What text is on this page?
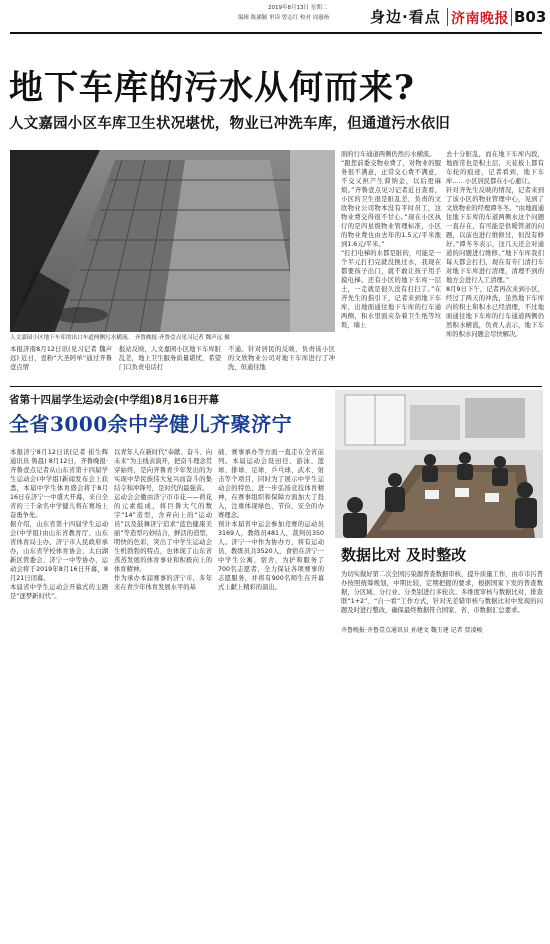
2019年8月13日 星期二
编辑 陈涵颖 审读 曾志红 校对 周惠杨	身边·看点 济南晚报 B03
地下车库的污水从何而来?
人文嘉园小区车库卫生状况堪忧，物业已冲洗车库，但通道污水依旧
人文嘉园小区地下车库的出口车道两侧污水横流。 齐鲁晚报·齐鲁壹点见习记者 魏声远 摄
本报济南8月12日讯(见习记者 魏声远) 近日，壹粉“大圣阿单”通过齐鲁壹点情
报站反映，人文嘉园小区地下车库脏乱差，地上卫生服务质量堪忧，希望门口负责电话打
不通。针对居民的反映，负责该小区的文欣物业公司对地下车库进行了冲洗，但通往地
面的行车通道两侧仍然污水横流。
“跟您前委交物业费了，对物业的服务很不满意，正常交心费不满意，不交又担产生滞纳金，以后更麻烦。”齐鲁壹点见习记者近日查看，小区的卫生很是脏乱差，负责的文欣物业公司物本没有平时员工，这物业费交得很不甘心。”现在小区执行的是四星级物业管理标准，小区的物业费也由去年的1.5元/平米涨到1.6元/平米。”
“打扫电梯的水都是脏的，可能是一个半元打扫完就没换过水，我现在都要孩子出门，就不敢让孩子用手摸电梯。还有小区的地下车库一层土，一走就是很久没有打扫了。”在齐先生的指引下，记者来到地下车库，出地面通往地下车库的行车通两侧，积水里面夹杂着卫生纸等垃圾，墙上
去十分脏乱，而在地下车库内段，地面常也是积土层，天花板上都有车轮的痕迹，记者看到，地下车库……小区居民都在小心避让。
针对齐先生反映的情况，记者来到了该小区的物业管理中心，见到了文欣物业的经理谭冬冬。“由地面通往地下车库的车道两侧水这个问题一直存在，有可能是供暖管道的问题，以前也进行维修过，但没有修好。”谭冬冬表示，这几天还会对通道的问题进行维修。”地下车库我们每天都会打扫，现在有专门清扫车对地下车库进行清理，清理不到的地方会进行人工清理。”
8月9日下午，记者再次来到小区，经过了两天的冲洗，虽然地下车库内的积土和积水已经清理，不过地面通往地下车库的行车通道两侧仍然积水横流，负责人表示，地下车库的积水问题会尽快解决。
省第十四届学生运动会(中学组)8月16日开幕
全省3000余中学健儿齐聚济宁
本报济宁8月12日讯(记者 崔生辉 通讯员 鲁晨) 8月12日，齐鲁晚报·齐鲁壹点记者从山东省第十四届学生运动会(中学组)新闻发布会上获悉，本届中学生体育盛会将于8月16日在济宁一中盛大开幕，来自全省的三千余名中学健儿将在赛场上奋勇争先。
据介绍，山东省第十四届学生运动会(中学组)由山东省教育厅、山东省体育局主办，济宁市人民政府承办，山东省学校体育协会、太白湖新区管委会、济宁一中等协办，运动会将于2019年8月16日开幕，8月21日闭幕。
本届省中学生运动会开幕式的主题是“逐梦新时代”。
以青年人在新时代“奉献、奋斗、向未来”为主线表演开，把奋斗理念贯穿始终，是向齐鲁青少年发出的为实现中华民族伟大复兴而奋斗的集结令和冲锋号，是时代的最强音。
运动会会徽由济宁市市花——荷花的元素组成，将巨鲁大气的数字“14”造型，舍弃向上的“运动员”以及鼓舞济宁追求“蓝色健康美丽”等造型巧妙结合，鲜活的造型，明快的色彩，突出了中学生运动会生机勃勃的特点，也体现了山东省蒸蒸发展的体育事业和积极向上的体育精神。
作为承办本届赛事的济宁市，多年来在青少年体育发展水平的基
础、赛事承办等方面一直走在全省前列。本届运动会设田径、游泳、篮球、排球、足球、乒乓球、武术、射击等个项目，同时为了展示中学生运动会的特色，进一步弘扬竞技体育精神，在赛事组织和保障方面加大了投入，注重体现绿色、节俭、安全的办赛理念。
预计本届省中运会参加竞赛的运动员3169人，教练员481人，裁判员350人。济宁一中作为协办方，将有运动员、教练员共3520人，食宿在济宁一中学生公寓、宿舍，为护和服务了700名志愿者，全力保证各项赛事的志愿服务，并将有900名师生在开幕式上献上精彩的演出。
数据比对 及时整改
为切实做好第二次全国污染源普查数据审核，提升质量工作，由市市污普办按照统筹规划，中期比较，定期把握的要求，根据国家下发的普查数据，分区域、分行业、分类别进行多轮次、多维度审核与数据比对，排查联“1+2”、“自一看”工作方式，针对无差错审核与数据比对中发现的问题及时进行整改，确保最终数据符合国家、省、市数据汇总要求。
齐鲁晚报·齐鲁壹点通讯员 孙建文 魏玉建 记者 贾凌峻
